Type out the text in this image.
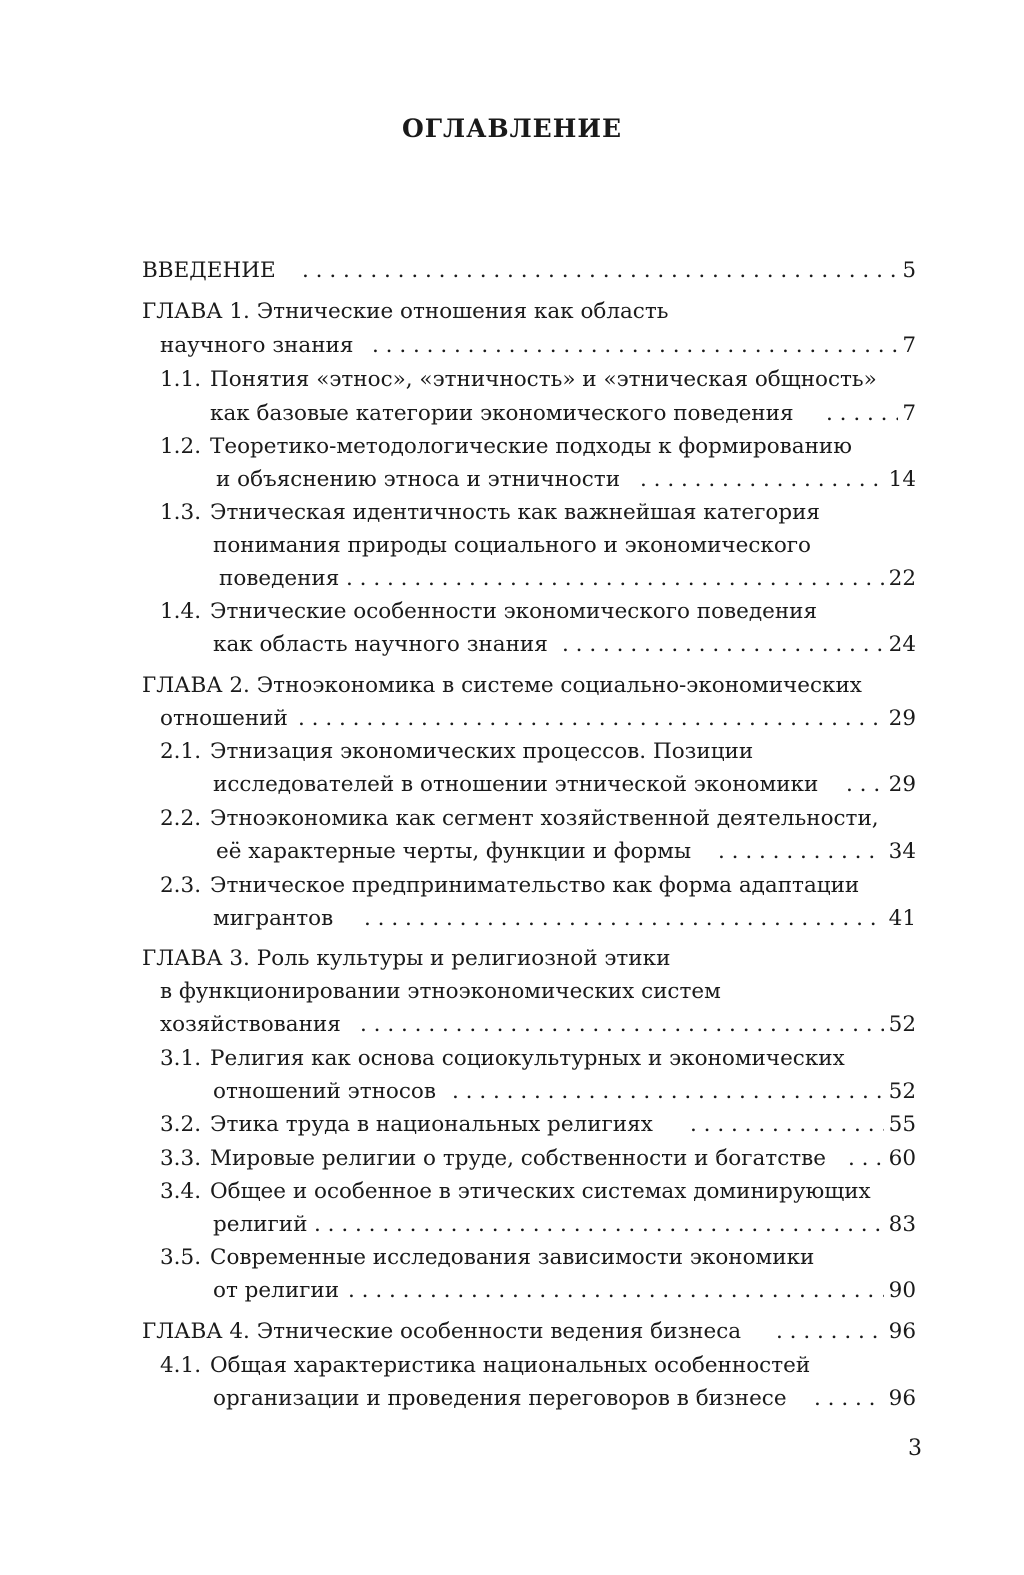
ОГЛАВЛЕНИЕ
ВВЕДЕНИЕ . . .	5
ГЛАВА 1. Этнические отношения как область
научного знания . . .	7
1.1. Понятия «этнос», «этничность» и «этническая общность»
как базовые категории экономического поведения . . .	7
1.2. Теоретико-методологические подходы к формированию
и объяснению этноса и этничности . . .	14
1.3. Этническая идентичность как важнейшая категория
понимания природы социального и экономического
поведения . . .	22
1.4. Этнические особенности экономического поведения
как область научного знания . . .	24
ГЛАВА 2. Этноэкономика в системе социально-экономических
отношений . . .	29
2.1. Этнизация экономических процессов. Позиции
исследователей в отношении этнической экономики . . .	29
2.2. Этноэкономика как сегмент хозяйственной деятельности,
её характерные черты, функции и формы . . .	34
2.3. Этническое предпринимательство как форма адаптации
мигрантов . . .	41
ГЛАВА 3. Роль культуры и религиозной этики
в функционировании этноэкономических систем
хозяйствования . . .	52
3.1. Религия как основа социокультурных и экономических
отношений этносов . . .	52
3.2. Этика труда в национальных религиях . . .	55
3.3. Мировые религии о труде, собственности и богатстве . . .	60
3.4. Общее и особенное в этических системах доминирующих
религий . . .	83
3.5. Современные исследования зависимости экономики
от религии . . .	90
ГЛАВА 4. Этнические особенности ведения бизнеса . . .	96
4.1. Общая характеристика национальных особенностей
организации и проведения переговоров в бизнесе . . .	96
3
